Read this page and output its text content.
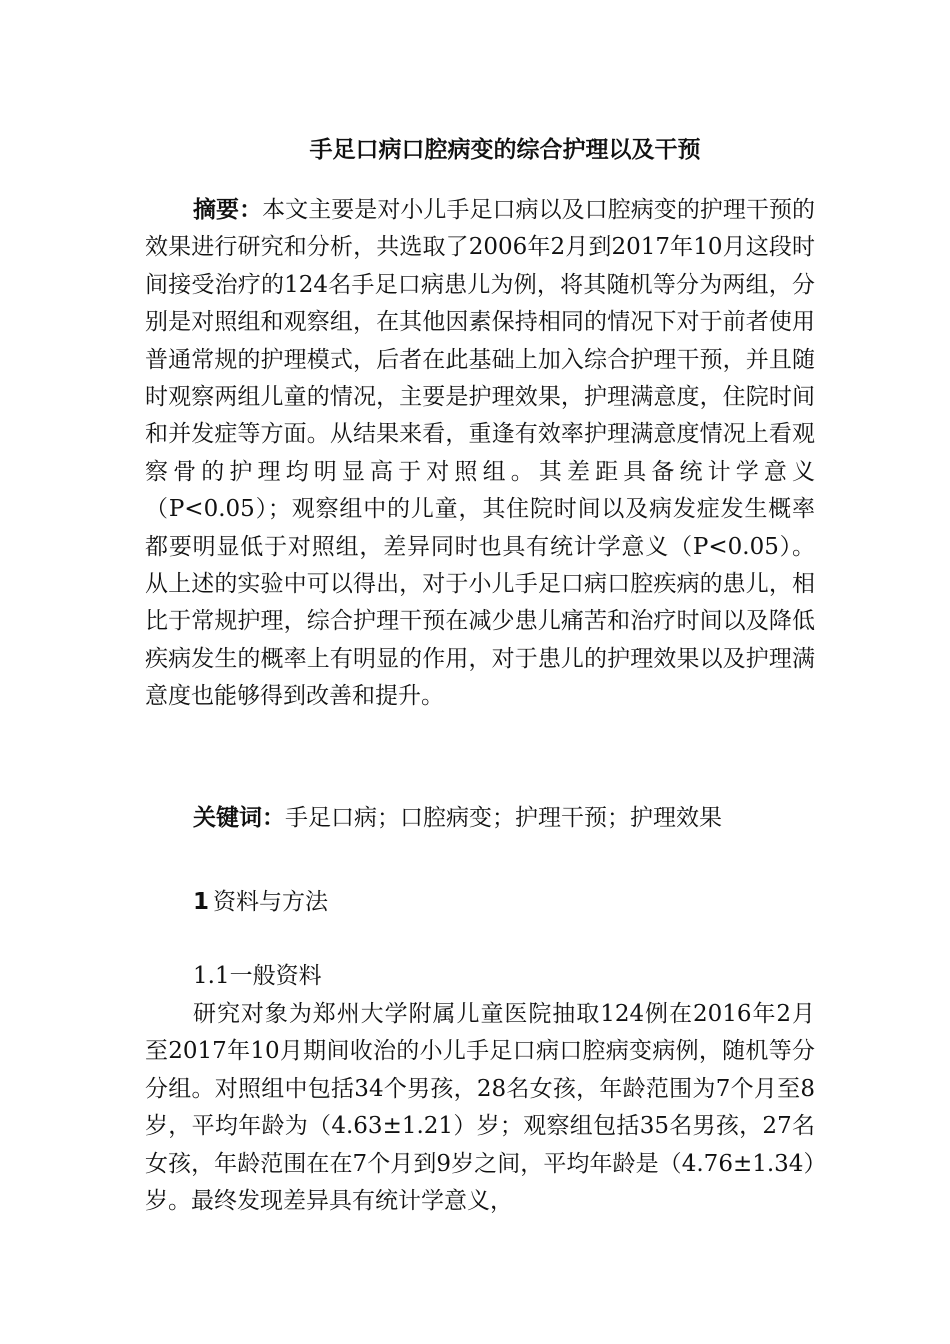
手足口病口腔病变的综合护理以及干预

摘要：本文主要是对小儿手足口病以及口腔病变的护理干预的效果进行研究和分析，共选取了2006年2月到2017年10月这段时间接受治疗的124名手足口病患儿为例，将其随机等分为两组，分别是对照组和观察组，在其他因素保持相同的情况下对于前者使用普通常规的护理模式，后者在此基础上加入综合护理干预，并且随时观察两组儿童的情况，主要是护理效果，护理满意度，住院时间和并发症等方面。从结果来看，重逢有效率护理满意度情况上看观察骨的护理均明显高于对照组。其差距具备统计学意义（P<0.05）；观察组中的儿童，其住院时间以及病发症发生概率都要明显低于对照组，差异同时也具有统计学意义（P<0.05）。从上述的实验中可以得出，对于小儿手足口病口腔疾病的患儿，相比于常规护理，综合护理干预在减少患儿痛苦和治疗时间以及降低疾病发生的概率上有明显的作用，对于患儿的护理效果以及护理满意度也能够得到改善和提升。

关键词：手足口病；口腔病变；护理干预；护理效果
1 资料与方法
1.1一般资料

研究对象为郑州大学附属儿童医院抽取124例在2016年2月至2017年10月期间收治的小儿手足口病口腔病变病例，随机等分分组。对照组中包括34个男孩，28名女孩，年龄范围为7个月至8岁，平均年龄为（4.63±1.21）岁；观察组包括35名男孩，27名女孩，年龄范围在在7个月到9岁之间，平均年龄是（4.76±1.34）岁。最终发现差异具有统计学意义，
